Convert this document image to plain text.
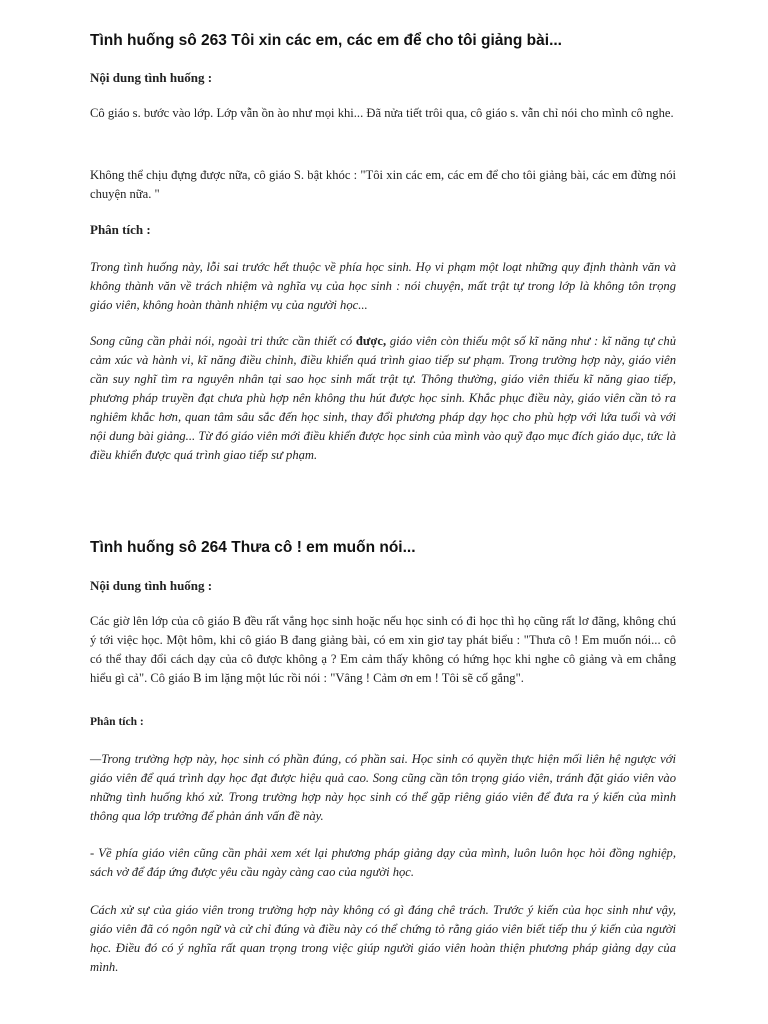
Tình huống sô 263 Tôi xin các em, các em để cho tôi giảng bài...

Nội dung tình huống :

Cô giáo s. bước vào lớp. Lớp vẫn ồn ào như mọi khi... Đã nửa tiết trôi qua, cô giáo s. vẫn chỉ nói cho mình cô nghe.

Không thể chịu đựng được nữa, cô giáo S. bật khóc : "Tôi xin các em, các em để cho tôi giảng bài, các em đừng nói chuyện nữa. "

Phân tích :

Trong tình huống này, lỗi sai trước hết thuộc về phía học sinh. Họ vi phạm một loạt những quy định thành văn và không thành văn về trách nhiệm và nghĩa vụ của học sinh : nói chuyện, mất trật tự trong lớp là không tôn trọng giáo viên, không hoàn thành nhiệm vụ của người học...

Song cũng cần phải nói, ngoài tri thức cần thiết có được, giáo viên còn thiếu một số kĩ năng như : kĩ năng tự chủ cảm xúc và hành vi, kĩ năng điều chỉnh, điều khiển quá trình giao tiếp sư phạm. Trong trường hợp này, giáo viên cần suy nghĩ tìm ra nguyên nhân tại sao học sinh mất trật tự. Thông thường, giáo viên thiếu kĩ năng giao tiếp, phương pháp truyền đạt chưa phù hợp nên không thu hút được học sinh. Khắc phục điều này, giáo viên cần tỏ ra nghiêm khắc hơn, quan tâm sâu sắc đến học sinh, thay đổi phương pháp dạy học cho phù hợp với lứa tuổi và với nội dung bài giảng... Từ đó giáo viên mới điều khiển được học sinh của mình vào quỹ đạo mục đích giáo dục, tức là điều khiển được quá trình giao tiếp sư phạm.

Tình huống sô 264 Thưa cô ! em muốn nói...

Nội dung tình huống :

Các giờ lên lớp của cô giáo B đều rất vắng học sinh hoặc nếu học sinh có đi học thì họ cũng rất lơ đãng, không chú ý tới việc học. Một hôm, khi cô giáo B đang giảng bài, có em xin giơ tay phát biểu : "Thưa cô ! Em muốn nói... cô có thể thay đổi cách dạy của cô được không ạ ? Em cảm thấy không có hứng học khi nghe cô giảng và em chẳng hiểu gì cả". Cô giáo B im lặng một lúc rồi nói : "Vâng ! Cảm ơn em ! Tôi sẽ cố gắng".

Phân tích :

—Trong trường hợp này, học sinh có phần đúng, có phần sai. Học sinh có quyền thực hiện mối liên hệ ngược với giáo viên để quá trình dạy học đạt được hiệu quả cao. Song cũng cần tôn trọng giáo viên, tránh đặt giáo viên vào những tình huống khó xử. Trong trường hợp này học sinh có thể gặp riêng giáo viên để đưa ra ý kiến của mình thông qua lớp trưởng để phản ánh vấn đề này.

- Về phía giáo viên cũng cần phải xem xét lại phương pháp giảng dạy của mình, luôn luôn học hỏi đồng nghiệp, sách vở để đáp ứng được yêu cầu ngày càng cao của người học.

Cách xử sự của giáo viên trong trường hợp này không có gì đáng chê trách. Trước ý kiến của học sinh như vậy, giáo viên đã có ngôn ngữ và cử chỉ đúng và điều này có thể chứng tỏ rằng giáo viên biết tiếp thu ý kiến của người học. Điều đó có ý nghĩa rất quan trọng trong việc giúp người giáo viên hoàn thiện phương pháp giảng dạy của mình.
